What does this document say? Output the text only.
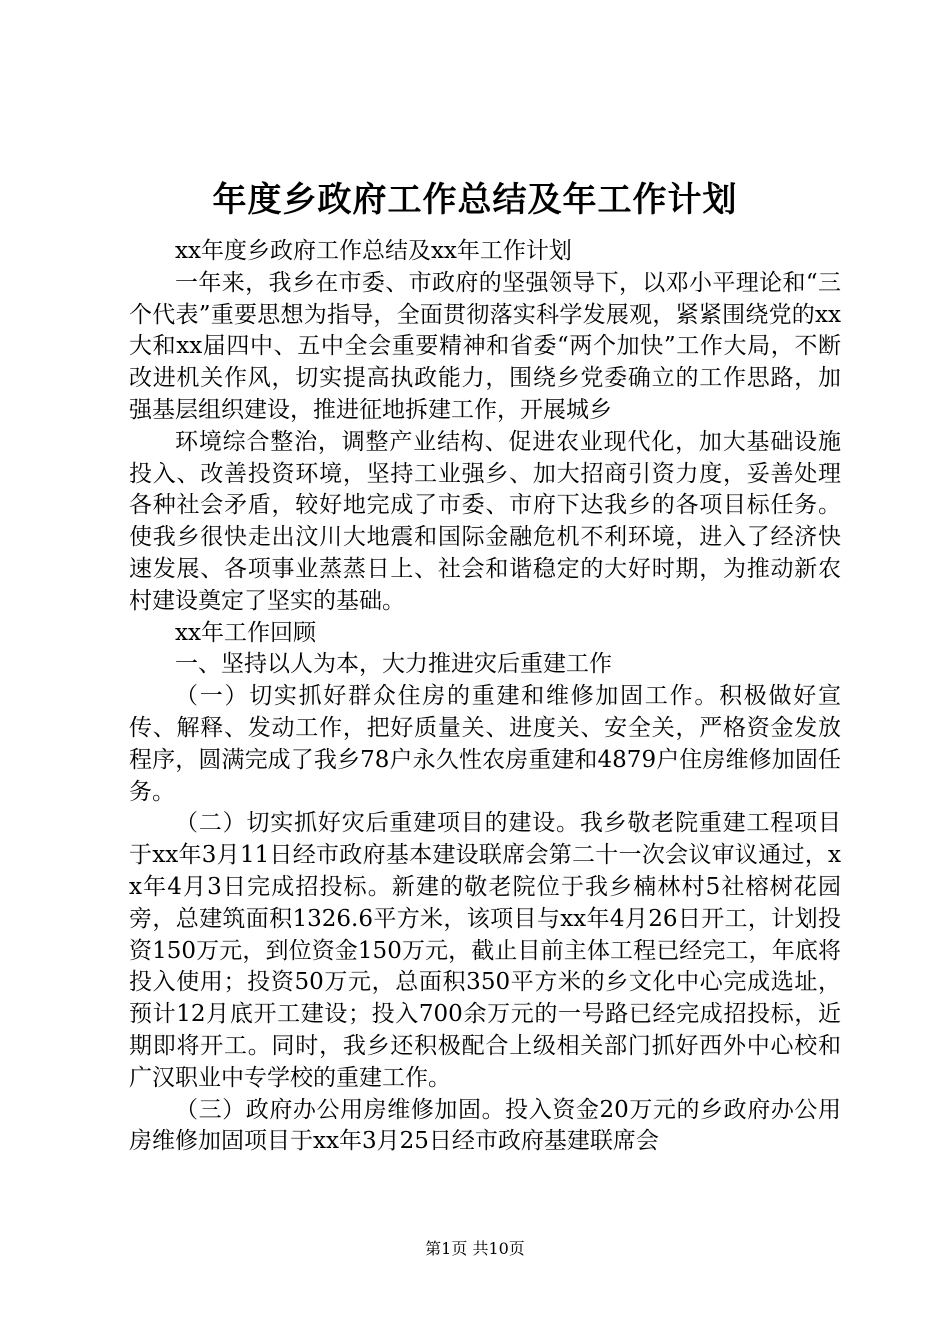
年度乡政府工作总结及年工作计划

xx年度乡政府工作总结及xx年工作计划

一年来，我乡在市委、市政府的坚强领导下，以邓小平理论和“三个代表”重要思想为指导，全面贯彻落实科学发展观，紧紧围绕党的xx大和xx届四中、五中全会重要精神和省委“两个加快”工作大局，不断改进机关作风，切实提高执政能力，围绕乡党委确立的工作思路，加强基层组织建设，推进征地拆建工作，开展城乡

环境综合整治，调整产业结构、促进农业现代化，加大基础设施投入、改善投资环境，坚持工业强乡、加大招商引资力度，妥善处理各种社会矛盾，较好地完成了市委、市府下达我乡的各项目标任务。使我乡很快走出汶川大地震和国际金融危机不利环境，进入了经济快速发展、各项事业蒸蒸日上、社会和谐稳定的大好时期，为推动新农村建设奠定了坚实的基础。

xx年工作回顾

一、坚持以人为本，大力推进灾后重建工作

（一）切实抓好群众住房的重建和维修加固工作。积极做好宣传、解释、发动工作，把好质量关、进度关、安全关，严格资金发放程序，圆满完成了我乡78户永久性农房重建和4879户住房维修加固任务。

（二）切实抓好灾后重建项目的建设。我乡敬老院重建工程项目于xx年3月11日经市政府基本建设联席会第二十一次会议审议通过，xx年4月3日完成招投标。新建的敬老院位于我乡楠林村5社榕树花园旁，总建筑面积1326.6平方米，该项目与xx年4月26日开工，计划投资150万元，到位资金150万元，截止目前主体工程已经完工，年底将投入使用；投资50万元，总面积350平方米的乡文化中心完成选址，预计12月底开工建设；投入700余万元的一号路已经完成招投标，近期即将开工。同时，我乡还积极配合上级相关部门抓好西外中心校和广汉职业中专学校的重建工作。

（三）政府办公用房维修加固。投入资金20万元的乡政府办公用房维修加固项目于xx年3月25日经市政府基建联席会

第1页 共10页
